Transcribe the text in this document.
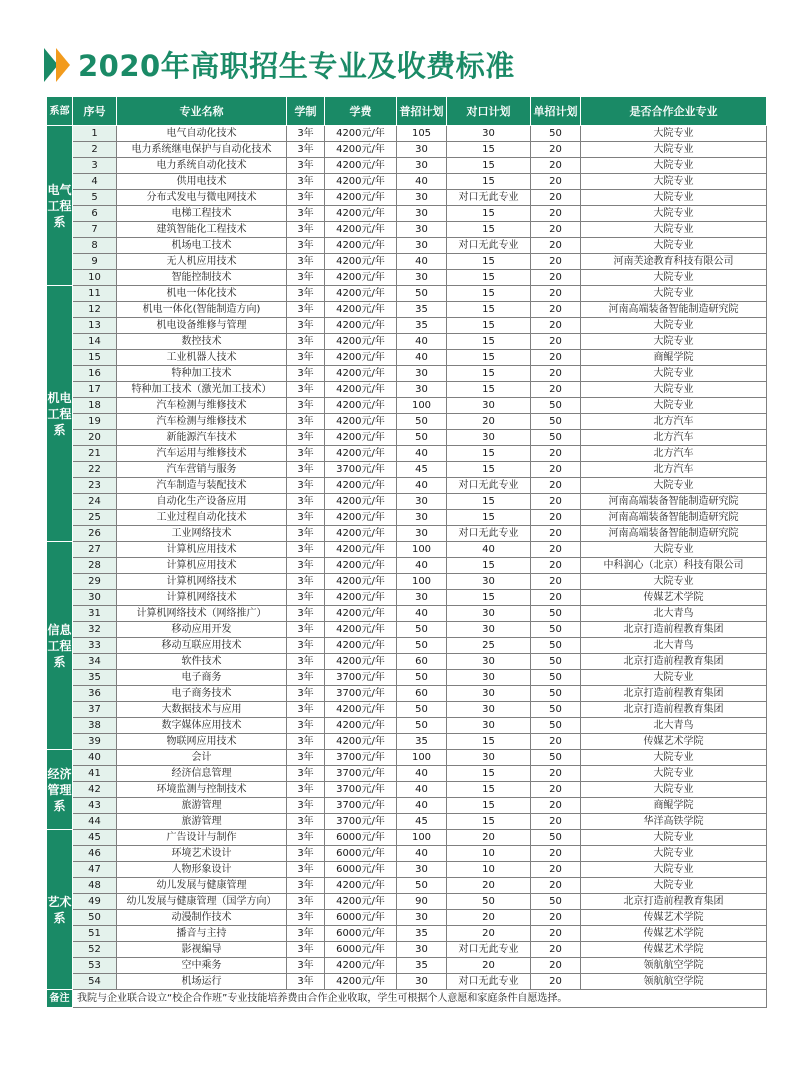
2020年高职招生专业及收费标准
系部	序号	专业名称	学制	学费	普招计划	对口计划	单招计划	是否合作企业专业
电气工程系	1	电气自动化技术	3年	4200元/年	105	30	50	大院专业
	2	电力系统继电保护与自动化技术	3年	4200元/年	30	15	20	大院专业
	3	电力系统自动化技术	3年	4200元/年	30	15	20	大院专业
	4	供用电技术	3年	4200元/年	40	15	20	大院专业
	5	分布式发电与微电网技术	3年	4200元/年	30	对口无此专业	20	大院专业
	6	电梯工程技术	3年	4200元/年	30	15	20	大院专业
	7	建筑智能化工程技术	3年	4200元/年	30	15	20	大院专业
	8	机场电工技术	3年	4200元/年	30	对口无此专业	20	大院专业
	9	无人机应用技术	3年	4200元/年	40	15	20	河南芙途教育科技有限公司
	10	智能控制技术	3年	4200元/年	30	15	20	大院专业
机电工程系	11	机电一体化技术	3年	4200元/年	50	15	20	大院专业
	12	机电一体化(智能制造方向)	3年	4200元/年	35	15	20	河南高端装备智能制造研究院
	13	机电设备维修与管理	3年	4200元/年	35	15	20	大院专业
	14	数控技术	3年	4200元/年	40	15	20	大院专业
	15	工业机器人技术	3年	4200元/年	40	15	20	商鲲学院
	16	特种加工技术	3年	4200元/年	30	15	20	大院专业
	17	特种加工技术（激光加工技术）	3年	4200元/年	30	15	20	大院专业
	18	汽车检测与维修技术	3年	4200元/年	100	30	50	大院专业
	19	汽车检测与维修技术	3年	4200元/年	50	20	50	北方汽车
	20	新能源汽车技术	3年	4200元/年	50	30	50	北方汽车
	21	汽车运用与维修技术	3年	4200元/年	40	15	20	北方汽车
	22	汽车营销与服务	3年	3700元/年	45	15	20	北方汽车
	23	汽车制造与装配技术	3年	4200元/年	40	对口无此专业	20	大院专业
	24	自动化生产设备应用	3年	4200元/年	30	15	20	河南高端装备智能制造研究院
	25	工业过程自动化技术	3年	4200元/年	30	15	20	河南高端装备智能制造研究院
	26	工业网络技术	3年	4200元/年	30	对口无此专业	20	河南高端装备智能制造研究院
信息工程系	27	计算机应用技术	3年	4200元/年	100	40	20	大院专业
	28	计算机应用技术	3年	4200元/年	40	15	20	中科润心（北京）科技有限公司
	29	计算机网络技术	3年	4200元/年	100	30	20	大院专业
	30	计算机网络技术	3年	4200元/年	30	15	20	传媒艺术学院
	31	计算机网络技术（网络推广）	3年	4200元/年	40	30	50	北大青鸟
	32	移动应用开发	3年	4200元/年	50	30	50	北京打造前程教育集团
	33	移动互联应用技术	3年	4200元/年	50	25	50	北大青鸟
	34	软件技术	3年	4200元/年	60	30	50	北京打造前程教育集团
	35	电子商务	3年	3700元/年	50	30	50	大院专业
	36	电子商务技术	3年	3700元/年	60	30	50	北京打造前程教育集团
	37	大数据技术与应用	3年	4200元/年	50	30	50	北京打造前程教育集团
	38	数字媒体应用技术	3年	4200元/年	50	30	50	北大青鸟
	39	物联网应用技术	3年	4200元/年	35	15	20	传媒艺术学院
经济管理系	40	会计	3年	3700元/年	100	30	50	大院专业
	41	经济信息管理	3年	3700元/年	40	15	20	大院专业
	42	环境监测与控制技术	3年	3700元/年	40	15	20	大院专业
	43	旅游管理	3年	3700元/年	40	15	20	商鲲学院
	44	旅游管理	3年	3700元/年	45	15	20	华洋高铁学院
艺术系	45	广告设计与制作	3年	6000元/年	100	20	50	大院专业
	46	环境艺术设计	3年	6000元/年	40	10	20	大院专业
	47	人物形象设计	3年	6000元/年	30	10	20	大院专业
	48	幼儿发展与健康管理	3年	4200元/年	50	20	20	大院专业
	49	幼儿发展与健康管理（国学方向）	3年	4200元/年	90	50	50	北京打造前程教育集团
	50	动漫制作技术	3年	6000元/年	30	20	20	传媒艺术学院
	51	播音与主持	3年	6000元/年	35	20	20	传媒艺术学院
	52	影视编导	3年	6000元/年	30	对口无此专业	20	传媒艺术学院
	53	空中乘务	3年	4200元/年	35	20	20	领航航空学院
	54	机场运行	3年	4200元/年	30	对口无此专业	20	领航航空学院
备注	我院与企业联合设立“校企合作班”专业技能培养费由合作企业收取，学生可根据个人意愿和家庭条件自愿选择。							
